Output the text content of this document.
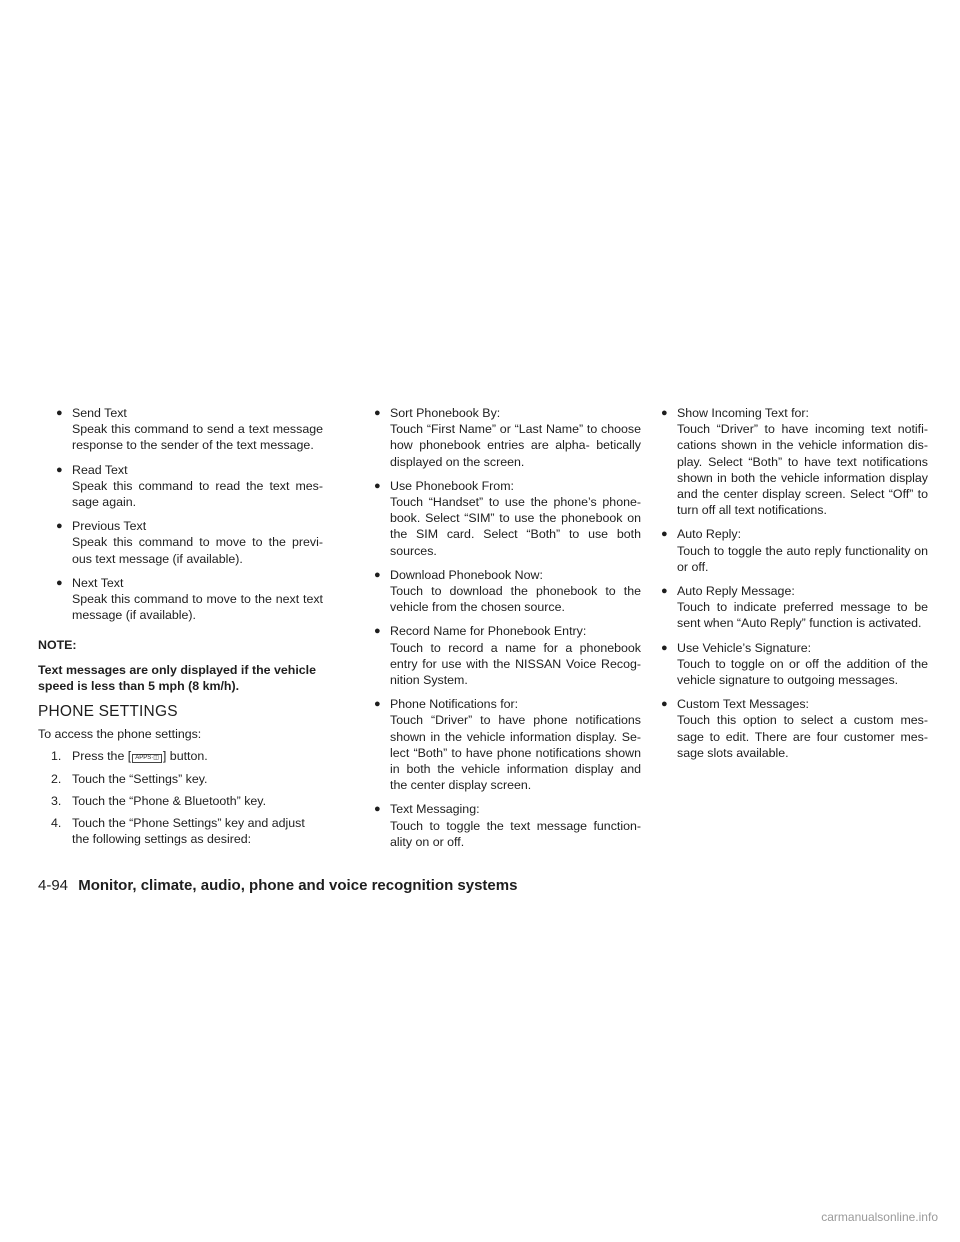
● Send Text
Speak this command to send a text message response to the sender of the text message.
● Read Text
Speak this command to read the text mes- sage again.
● Previous Text
Speak this command to move to the previ- ous text message (if available).
● Next Text
Speak this command to move to the next text message (if available).
NOTE:
Text messages are only displayed if the vehicle speed is less than 5 mph (8 km/h).
PHONE SETTINGS
To access the phone settings:
1. Press the [ APPS·◫ ] button.
2. Touch the “Settings” key.
3. Touch the “Phone & Bluetooth” key.
4. Touch the “Phone Settings” key and adjust the following settings as desired:
● Sort Phonebook By:
Touch “First Name” or “Last Name” to choose how phonebook entries are alpha- betically displayed on the screen.
● Use Phonebook From:
Touch “Handset” to use the phone’s phone- book. Select “SIM” to use the phonebook on the SIM card. Select “Both” to use both sources.
● Download Phonebook Now:
Touch to download the phonebook to the vehicle from the chosen source.
● Record Name for Phonebook Entry:
Touch to record a name for a phonebook entry for use with the NISSAN Voice Recog- nition System.
● Phone Notifications for:
Touch “Driver” to have phone notifications shown in the vehicle information display. Se- lect “Both” to have phone notifications shown in both the vehicle information display and the center display screen.
● Text Messaging:
Touch to toggle the text message function- ality on or off.
● Show Incoming Text for:
Touch “Driver” to have incoming text notifi- cations shown in the vehicle information dis- play. Select “Both” to have text notifications shown in both the vehicle information display and the center display screen. Select “Off” to turn off all text notifications.
● Auto Reply:
Touch to toggle the auto reply functionality on or off.
● Auto Reply Message:
Touch to indicate preferred message to be sent when “Auto Reply” function is activated.
● Use Vehicle’s Signature:
Touch to toggle on or off the addition of the vehicle signature to outgoing messages.
● Custom Text Messages:
Touch this option to select a custom mes- sage to edit. There are four customer mes- sage slots available.
4-94 Monitor, climate, audio, phone and voice recognition systems
carmanualsonline.info
